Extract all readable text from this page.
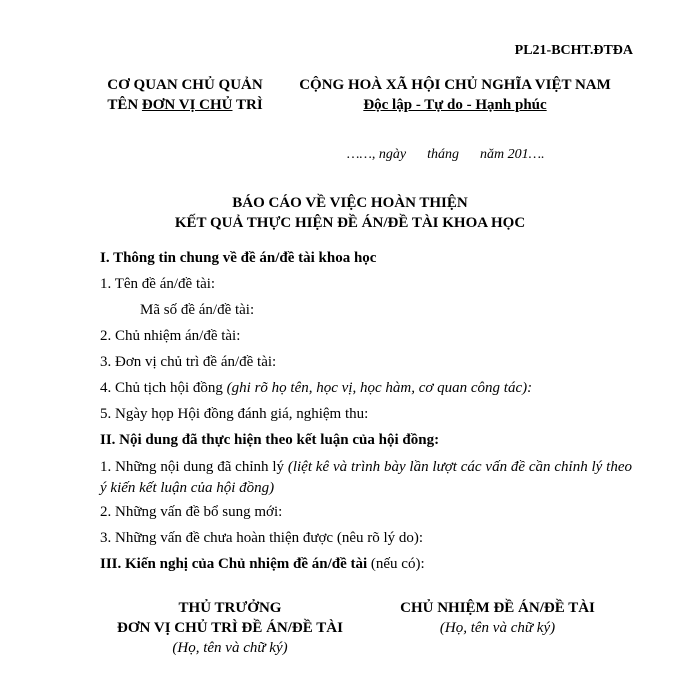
PL21-BCHT.ĐTĐA
CƠ QUAN CHỦ QUẢN
TÊN ĐƠN VỊ CHỦ TRÌ
CỘNG HOÀ XÃ HỘI CHỦ NGHĨA VIỆT NAM
Độc lập - Tự do - Hạnh phúc
……, ngày tháng năm 201….
BÁO CÁO VỀ VIỆC HOÀN THIỆN
KẾT QUẢ THỰC HIỆN ĐỀ ÁN/ĐỀ TÀI KHOA HỌC
I. Thông tin chung về đề án/đề tài khoa học
1. Tên đề án/đề tài:
Mã số đề án/đề tài:
2. Chủ nhiệm án/đề tài:
3. Đơn vị chủ trì đề án/đề tài:
4. Chủ tịch hội đồng (ghi rõ họ tên, học vị, học hàm, cơ quan công tác):
5. Ngày họp Hội đồng đánh giá, nghiệm thu:
II. Nội dung đã thực hiện theo kết luận của hội đồng:
1. Những nội dung đã chỉnh lý (liệt kê và trình bày lần lượt các vấn đề cần chỉnh lý theo ý kiến kết luận của hội đồng)
2. Những vấn đề bổ sung mới:
3. Những vấn đề chưa hoàn thiện được (nêu rõ lý do):
III. Kiến nghị của Chủ nhiệm đề án/đề tài (nếu có):
THỦ TRƯỞNG
ĐƠN VỊ CHỦ TRÌ ĐỀ ÁN/ĐỀ TÀI
(Họ, tên và chữ ký)
CHỦ NHIỆM ĐỀ ÁN/ĐỀ TÀI
(Họ, tên và chữ ký)
